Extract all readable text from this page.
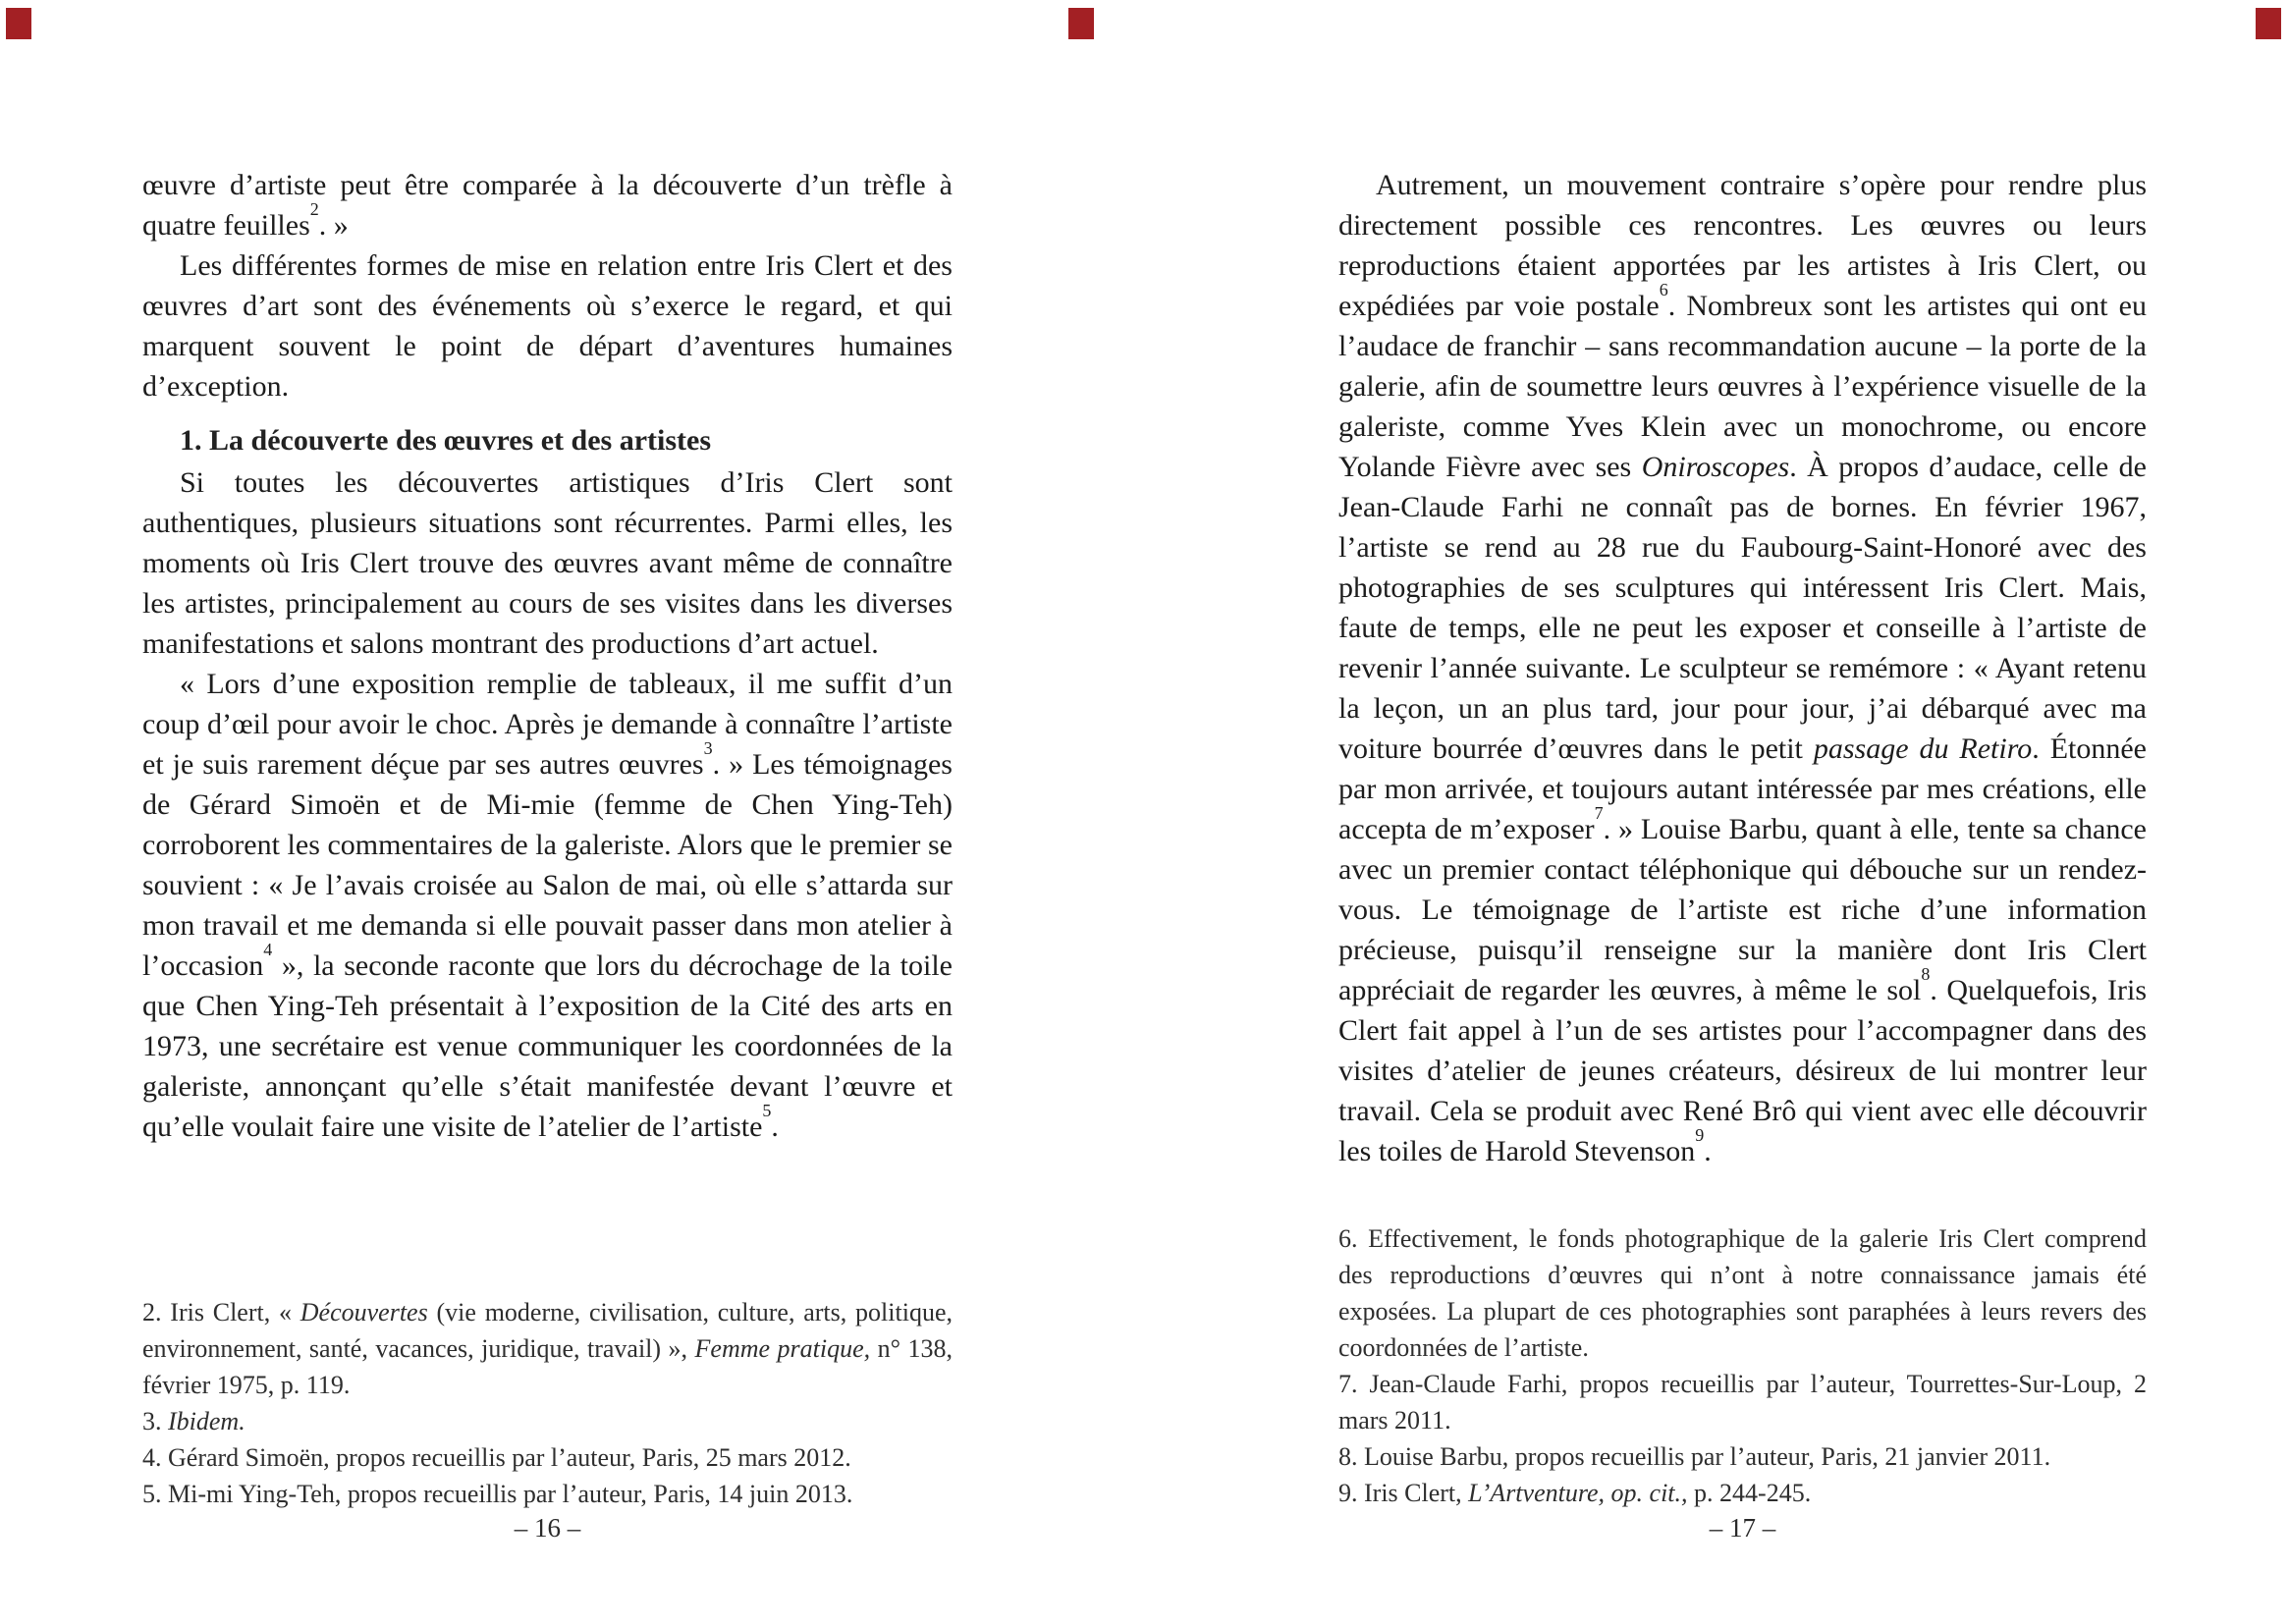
œuvre d’artiste peut être comparée à la découverte d’un trèfle à quatre feuilles$^2$. »

Les différentes formes de mise en relation entre Iris Clert et des œuvres d’art sont des événements où s’exerce le regard, et qui marquent souvent le point de départ d’aventures humaines d’exception.

1. La découverte des œuvres et des artistes

Si toutes les découvertes artistiques d’Iris Clert sont authentiques, plusieurs situations sont récurrentes. Parmi elles, les moments où Iris Clert trouve des œuvres avant même de connaître les artistes, principalement au cours de ses visites dans les diverses manifestations et salons montrant des productions d’art actuel.

« Lors d’une exposition remplie de tableaux, il me suffit d’un coup d’œil pour avoir le choc. Après je demande à connaître l’artiste et je suis rarement déçue par ses autres œuvres$^3$. » Les témoignages de Gérard Simoën et de Mi-mie (femme de Chen Ying-Teh) corroborent les commentaires de la galeriste. Alors que le premier se souvient : « Je l’avais croisée au Salon de mai, où elle s’attarda sur mon travail et me demanda si elle pouvait passer dans mon atelier à l’occasion$^4$ », la seconde raconte que lors du décrochage de la toile que Chen Ying-Teh présentait à l’exposition de la Cité des arts en 1973, une secrétaire est venue communiquer les coordonnées de la galeriste, annonçant qu’elle s’était manifestée devant l’œuvre et qu’elle voulait faire une visite de l’atelier de l’artiste$^5$.

2. Iris Clert, « Découvertes (vie moderne, civilisation, culture, arts, politique, environnement, santé, vacances, juridique, travail) », Femme pratique, n° 138, février 1975, p. 119.

3. Ibidem.

4. Gérard Simoën, propos recueillis par l’auteur, Paris, 25 mars 2012.

5. Mi-mi Ying-Teh, propos recueillis par l’auteur, Paris, 14 juin 2013.

– 16 –

Autrement, un mouvement contraire s’opère pour rendre plus directement possible ces rencontres. Les œuvres ou leurs reproductions étaient apportées par les artistes à Iris Clert, ou expédiées par voie postale$^6$. Nombreux sont les artistes qui ont eu l’audace de franchir – sans recommandation aucune – la porte de la galerie, afin de soumettre leurs œuvres à l’expérience visuelle de la galeriste, comme Yves Klein avec un monochrome, ou encore Yolande Fièvre avec ses Oniroscopes. À propos d’audace, celle de Jean-Claude Farhi ne connaît pas de bornes. En février 1967, l’artiste se rend au 28 rue du Faubourg-Saint-Honoré avec des photographies de ses sculptures qui intéressent Iris Clert. Mais, faute de temps, elle ne peut les exposer et conseille à l’artiste de revenir l’année suivante. Le sculpteur se remémore : « Ayant retenu la leçon, un an plus tard, jour pour jour, j’ai débarqué avec ma voiture bourrée d’œuvres dans le petit passage du Retiro. Étonnée par mon arrivée, et toujours autant intéressée par mes créations, elle accepta de m’exposer$^7$. » Louise Barbu, quant à elle, tente sa chance avec un premier contact téléphonique qui débouche sur un rendez-vous. Le témoignage de l’artiste est riche d’une information précieuse, puisqu’il renseigne sur la manière dont Iris Clert appréciait de regarder les œuvres, à même le sol$^8$. Quelquefois, Iris Clert fait appel à l’un de ses artistes pour l’accompagner dans des visites d’atelier de jeunes créateurs, désireux de lui montrer leur travail. Cela se produit avec René Brô qui vient avec elle découvrir les toiles de Harold Stevenson$^9$.

6. Effectivement, le fonds photographique de la galerie Iris Clert comprend des reproductions d’œuvres qui n’ont à notre connaissance jamais été exposées. La plupart de ces photographies sont paraphées à leurs revers des coordonnées de l’artiste.

7. Jean-Claude Farhi, propos recueillis par l’auteur, Tourrettes-Sur-Loup, 2 mars 2011.

8. Louise Barbu, propos recueillis par l’auteur, Paris, 21 janvier 2011.

9. Iris Clert, L’Artventure, op. cit., p. 244-245.

– 17 –
